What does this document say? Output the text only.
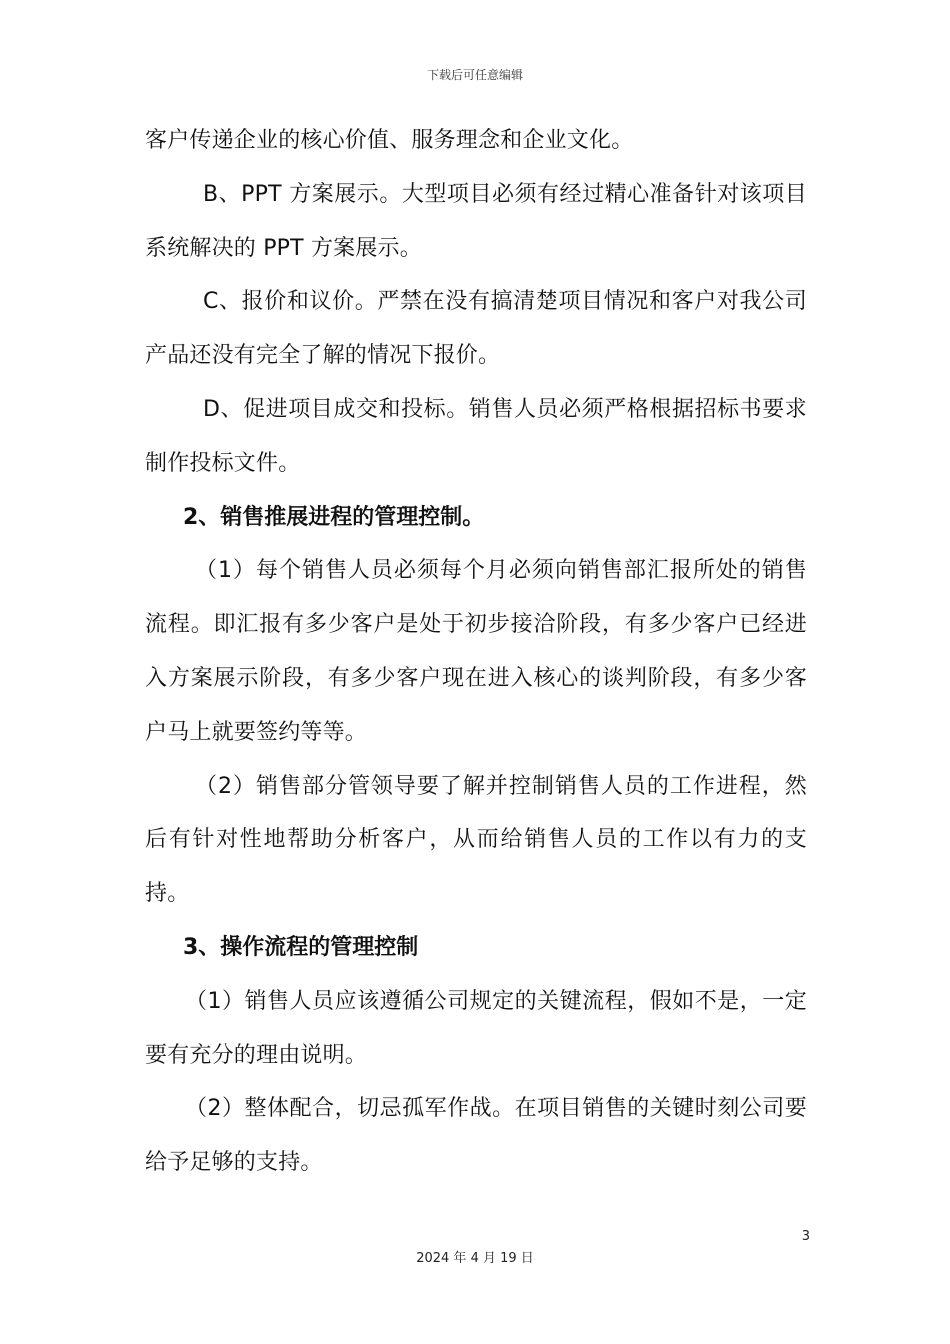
下载后可任意编辑

客户传递企业的核心价值、服务理念和企业文化。

B、PPT 方案展示。大型项目必须有经过精心准备针对该项目系统解决的 PPT 方案展示。

C、报价和议价。严禁在没有搞清楚项目情况和客户对我公司产品还没有完全了解的情况下报价。

D、促进项目成交和投标。销售人员必须严格根据招标书要求制作投标文件。

2、销售推展进程的管理控制。

（1）每个销售人员必须每个月必须向销售部汇报所处的销售流程。即汇报有多少客户是处于初步接洽阶段，有多少客户已经进入方案展示阶段，有多少客户现在进入核心的谈判阶段，有多少客户马上就要签约等等。

（2）销售部分管领导要了解并控制销售人员的工作进程，然后有针对性地帮助分析客户，从而给销售人员的工作以有力的支持。

3、操作流程的管理控制

（1）销售人员应该遵循公司规定的关键流程，假如不是，一定要有充分的理由说明。

（2）整体配合，切忌孤军作战。在项目销售的关键时刻公司要给予足够的支持。

3
2024 年 4 月 19 日
